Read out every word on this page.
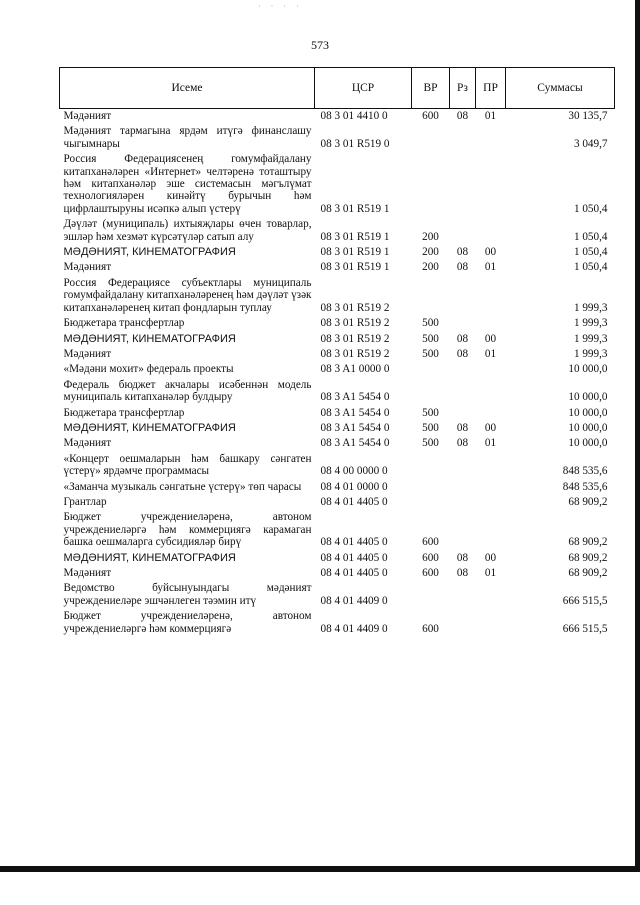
· · · ·
573
Исеме	ЦСР	ВР	Рз	ПР	Суммасы
Мәдәният	08 3 01 4410 0	600	08	01	30 135,7
Мәдәният тармагына ярдәм итүгә финанслашу чыгымнары	08 3 01 R519 0				3 049,7
Россия Федерациясенең гомумфайдалану китапханәләрен «Интернет» челтәренә тоташтыру һәм китапханәләр эше системасын мәгълүмат технологияләрен кинәйтү бурычын һәм цифрлаштыруны исәпкә алып үстерү	08 3 01 R519 1				1 050,4
Дәүләт (муниципаль) ихтыяҗлары өчен товарлар, эшләр һәм хезмәт күрсәтүләр сатып алу	08 3 01 R519 1	200			1 050,4
МӘДӘНИЯТ, КИНЕМАТОГРАФИЯ	08 3 01 R519 1	200	08	00	1 050,4
Мәдәният	08 3 01 R519 1	200	08	01	1 050,4
Россия Федерациясе субъектлары муниципаль гомумфайдалану китапханәләренең һәм дәүләт үзәк китапханәләренең китап фондларын туплау	08 3 01 R519 2				1 999,3
Бюджетара трансфертлар	08 3 01 R519 2	500			1 999,3
МӘДӘНИЯТ, КИНЕМАТОГРАФИЯ	08 3 01 R519 2	500	08	00	1 999,3
Мәдәният	08 3 01 R519 2	500	08	01	1 999,3
«Мәдәни мохит» федераль проекты	08 3 A1 0000 0				10 000,0
Федераль бюджет акчалары исәбеннән модель муниципаль китапханәләр булдыру	08 3 A1 5454 0				10 000,0
Бюджетара трансфертлар	08 3 A1 5454 0	500			10 000,0
МӘДӘНИЯТ, КИНЕМАТОГРАФИЯ	08 3 A1 5454 0	500	08	00	10 000,0
Мәдәният	08 3 A1 5454 0	500	08	01	10 000,0
«Концерт оешмаларын һәм башкару сәнгатен үстерү» ярдәмче программасы	08 4 00 0000 0				848 535,6
«Заманча музыкаль сәнгатьне үстерү» төп чарасы	08 4 01 0000 0				848 535,6
Грантлар	08 4 01 4405 0				68 909,2
Бюджет учреждениеләренә, автоном учреждениеләргә һәм коммерциягә карамаган башка оешмаларга субсидияләр бирү	08 4 01 4405 0	600			68 909,2
МӘДӘНИЯТ, КИНЕМАТОГРАФИЯ	08 4 01 4405 0	600	08	00	68 909,2
Мәдәният	08 4 01 4405 0	600	08	01	68 909,2
Ведомство буйсынуындагы мәдәният учреждениеләре эшчәнлеген тәэмин итү	08 4 01 4409 0				666 515,5
Бюджет учреждениеләренә, автоном учреждениеләргә һәм коммерциягә	08 4 01 4409 0	600			666 515,5
